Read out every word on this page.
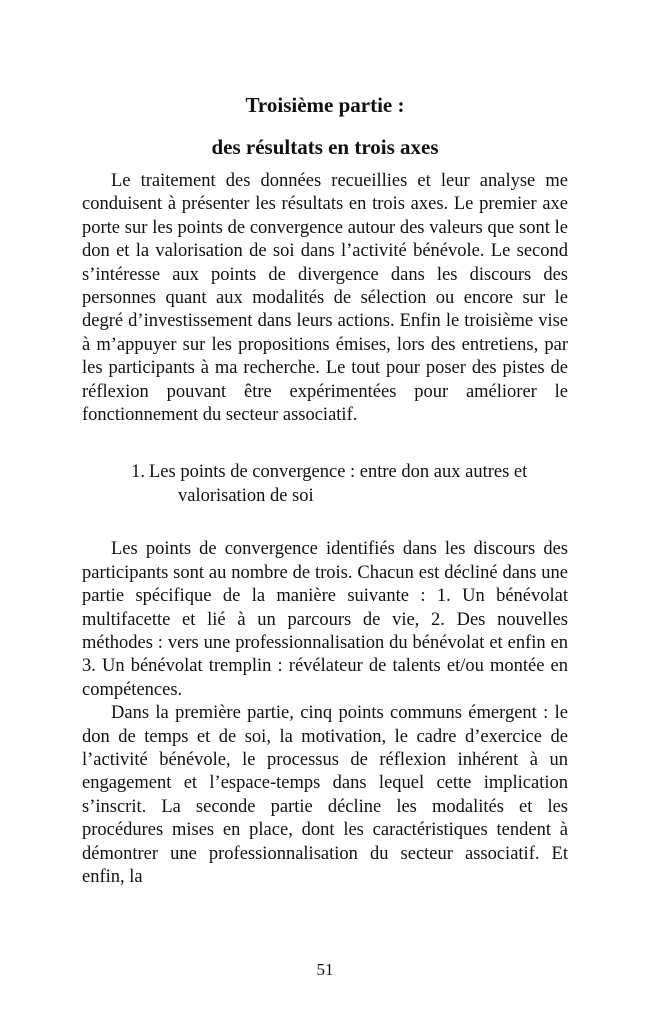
Troisième partie :
des résultats en trois axes

Le traitement des données recueillies et leur analyse me conduisent à présenter les résultats en trois axes. Le premier axe porte sur les points de convergence autour des valeurs que sont le don et la valorisation de soi dans l’activité bénévole. Le second s’intéresse aux points de divergence dans les discours des personnes quant aux modalités de sélection ou encore sur le degré d’investissement dans leurs actions. Enfin le troisième vise à m’appuyer sur les propositions émises, lors des entretiens, par les participants à ma recherche. Le tout pour poser des pistes de réflexion pouvant être expérimentées pour améliorer le fonctionnement du secteur associatif.

1. Les points de convergence : entre don aux autres et
valorisation de soi

Les points de convergence identifiés dans les discours des participants sont au nombre de trois. Chacun est décliné dans une partie spécifique de la manière suivante : 1. Un bénévolat multifacette et lié à un parcours de vie, 2. Des nouvelles méthodes : vers une professionnalisation du bénévolat et enfin en 3. Un bénévolat tremplin : révélateur de talents et/ou montée en compétences.

Dans la première partie, cinq points communs émergent : le don de temps et de soi, la motivation, le cadre d’exercice de l’activité bénévole, le processus de réflexion inhérent à un engagement et l’espace-temps dans lequel cette implication s’inscrit. La seconde partie décline les modalités et les procédures mises en place, dont les caractéristiques tendent à démontrer une professionnalisation du secteur associatif. Et enfin, la

51
